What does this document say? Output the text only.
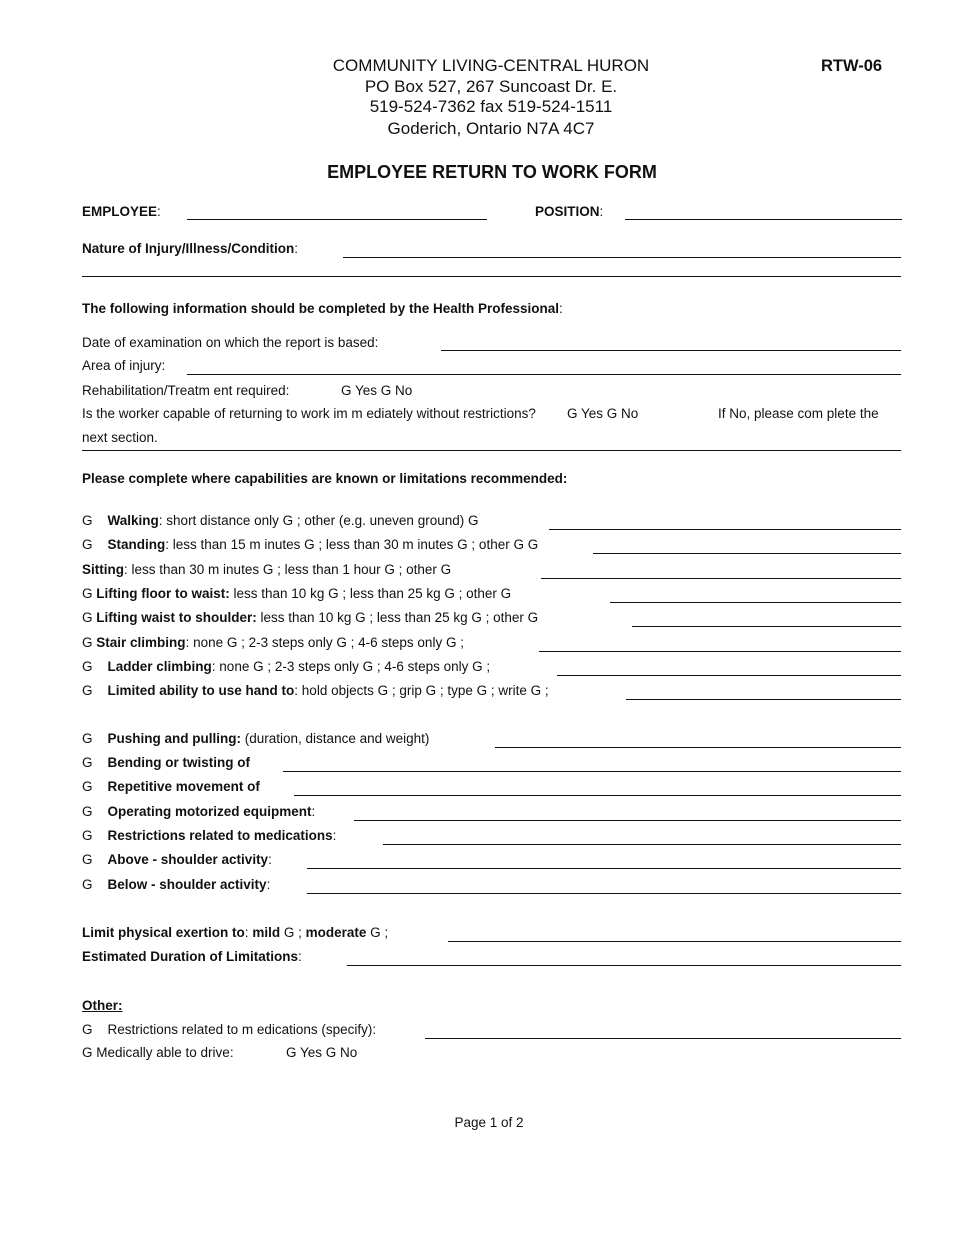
COMMUNITY LIVING-CENTRAL HURON
PO Box 527, 267 Suncoast Dr. E.
519-524-7362 fax 519-524-1511
Goderich, Ontario N7A 4C7
RTW-06
EMPLOYEE RETURN TO WORK FORM
EMPLOYEE:	POSITION:
Nature of Injury/Illness/Condition:
The following information should be completed by the Health Professional:
Date of examination on which the report is based:
Area of injury:
Rehabilitation/Treatm ent required:	G Yes G No
Is the worker capable of returning to work im m ediately without restrictions? G Yes G No	If No, please com plete the
next section.
Please complete where capabilities are known or limitations recommended:
G Walking: short distance only G ; other (e.g. uneven ground) G
G Standing: less than 15 m inutes G ; less than 30 m inutes G ; other G G
Sitting: less than 30 m inutes G ; less than 1 hour G ; other G
G Lifting floor to waist: less than 10 kg G ; less than 25 kg G ; other G
G Lifting waist to shoulder: less than 10 kg G ; less than 25 kg G ; other G
G Stair climbing: none G ; 2-3 steps only G ; 4-6 steps only G ;
G Ladder climbing: none G ; 2-3 steps only G ; 4-6 steps only G ;
G Limited ability to use hand to: hold objects G ; grip G ; type G ; write G ;
G Pushing and pulling: (duration, distance and weight)
G Bending or twisting of
G Repetitive movement of
G Operating motorized equipment:
G Restrictions related to medications:
G Above - shoulder activity:
G Below - shoulder activity:
Limit physical exertion to: mild G ; moderate G ;
Estimated Duration of Limitations:
Other:
G Restrictions related to m edications (specify):
G Medically able to drive:	G Yes G No
Page 1 of 2
